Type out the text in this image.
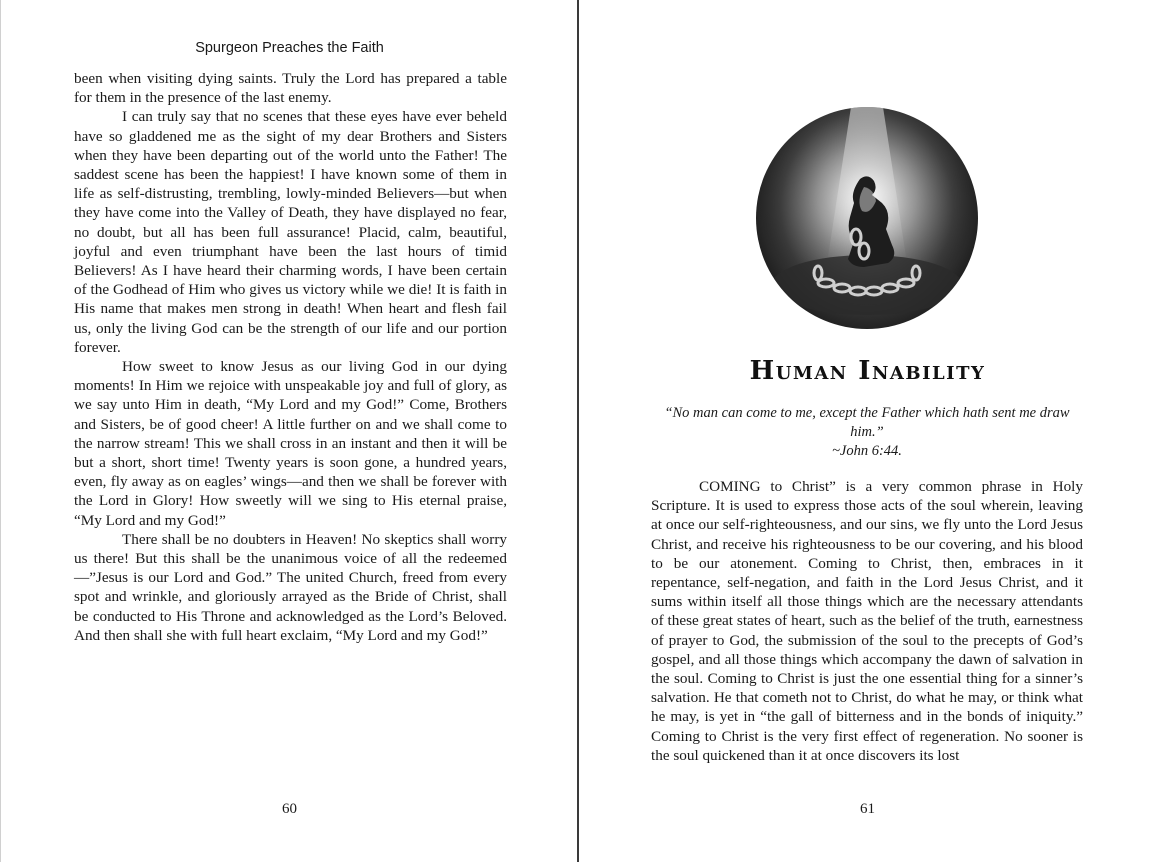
Spurgeon Preaches the Faith

been when visiting dying saints. Truly the Lord has prepared a table for them in the presence of the last enemy.

I can truly say that no scenes that these eyes have ever beheld have so gladdened me as the sight of my dear Brothers and Sisters when they have been departing out of the world unto the Father! The saddest scene has been the happiest! I have known some of them in life as self-distrusting, trembling, lowly-minded Believers—but when they have come into the Valley of Death, they have displayed no fear, no doubt, but all has been full assurance! Placid, calm, beautiful, joyful and even triumphant have been the last hours of timid Believers! As I have heard their charming words, I have been certain of the Godhead of Him who gives us victory while we die! It is faith in His name that makes men strong in death! When heart and flesh fail us, only the living God can be the strength of our life and our portion forever.

How sweet to know Jesus as our living God in our dying moments! In Him we rejoice with unspeakable joy and full of glory, as we say unto Him in death, “My Lord and my God!” Come, Brothers and Sisters, be of good cheer! A little further on and we shall come to the narrow stream! This we shall cross in an instant and then it will be but a short, short time! Twenty years is soon gone, a hundred years, even, fly away as on eagles’ wings—and then we shall be forever with the Lord in Glory! How sweetly will we sing to His eternal praise, “My Lord and my God!”

There shall be no doubters in Heaven! No skeptics shall worry us there! But this shall be the unanimous voice of all the redeemed—”Jesus is our Lord and God.” The united Church, freed from every spot and wrinkle, and gloriously arrayed as the Bride of Christ, shall be conducted to His Throne and acknowledged as the Lord’s Beloved. And then shall she with full heart exclaim, “My Lord and my God!”

60
Human Inability
“No man can come to me, except the Father which hath sent me draw him.”
~John 6:44.

COMING to Christ” is a very common phrase in Holy Scripture. It is used to express those acts of the soul wherein, leaving at once our self-righteousness, and our sins, we fly unto the Lord Jesus Christ, and receive his righteousness to be our covering, and his blood to be our atonement. Coming to Christ, then, embraces in it repentance, self-negation, and faith in the Lord Jesus Christ, and it sums within itself all those things which are the necessary attendants of these great states of heart, such as the belief of the truth, earnestness of prayer to God, the submission of the soul to the precepts of God’s gospel, and all those things which accompany the dawn of salvation in the soul. Coming to Christ is just the one essential thing for a sinner’s salvation. He that cometh not to Christ, do what he may, or think what he may, is yet in “the gall of bitterness and in the bonds of iniquity.” Coming to Christ is the very first effect of regeneration. No sooner is the soul quickened than it at once discovers its lost

61
